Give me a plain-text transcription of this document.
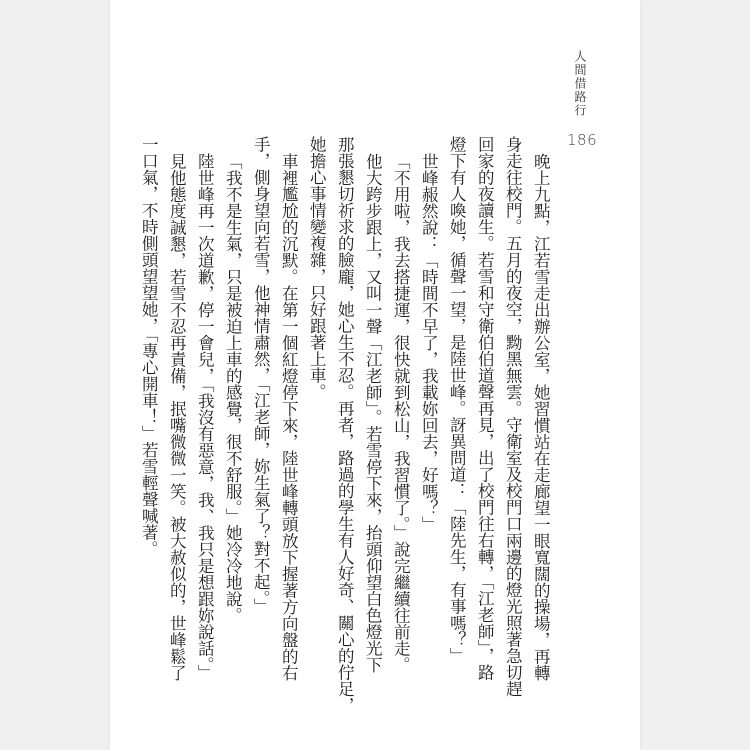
人間借路行
186
晚上九點，江若雪走出辦公室，她習慣站在走廊望一眼寬闊的操場，再轉
身走往校門。五月的夜空，黝黑無雲。守衛室及校門口兩邊的燈光照著急切趕
回家的夜讀生。若雪和守衛伯伯道聲再見，出了校門往右轉，「江老師」，路
燈下有人喚她，循聲一望，是陸世峰。訝異問道：「陸先生，有事嗎？」
世峰赧然說：「時間不早了，我載妳回去，好嗎？」
「不用啦，我去搭捷運，很快就到松山，我習慣了。」說完繼續往前走。
他大跨步跟上，又叫一聲「江老師」。若雪停下來，抬頭仰望白色燈光下
那張懇切祈求的臉龐，她心生不忍。再者，路過的學生有人好奇、關心的佇足，
她擔心事情變複雜，只好跟著上車。
車裡尷尬的沉默。在第一個紅燈停下來，陸世峰轉頭放下握著方向盤的右
手，側身望向若雪，他神情肅然，「江老師，妳生氣了？對不起。」
「我不是生氣，只是被迫上車的感覺，很不舒服。」她冷冷地說。
陸世峰再一次道歉，停一會兒，「我沒有惡意，我、我只是想跟妳說話。」
見他態度誠懇，若雪不忍再責備，抿嘴微微一笑。被大赦似的，世峰鬆了
一口氣，不時側頭望望她，「專心開車！」若雪輕聲喊著。
